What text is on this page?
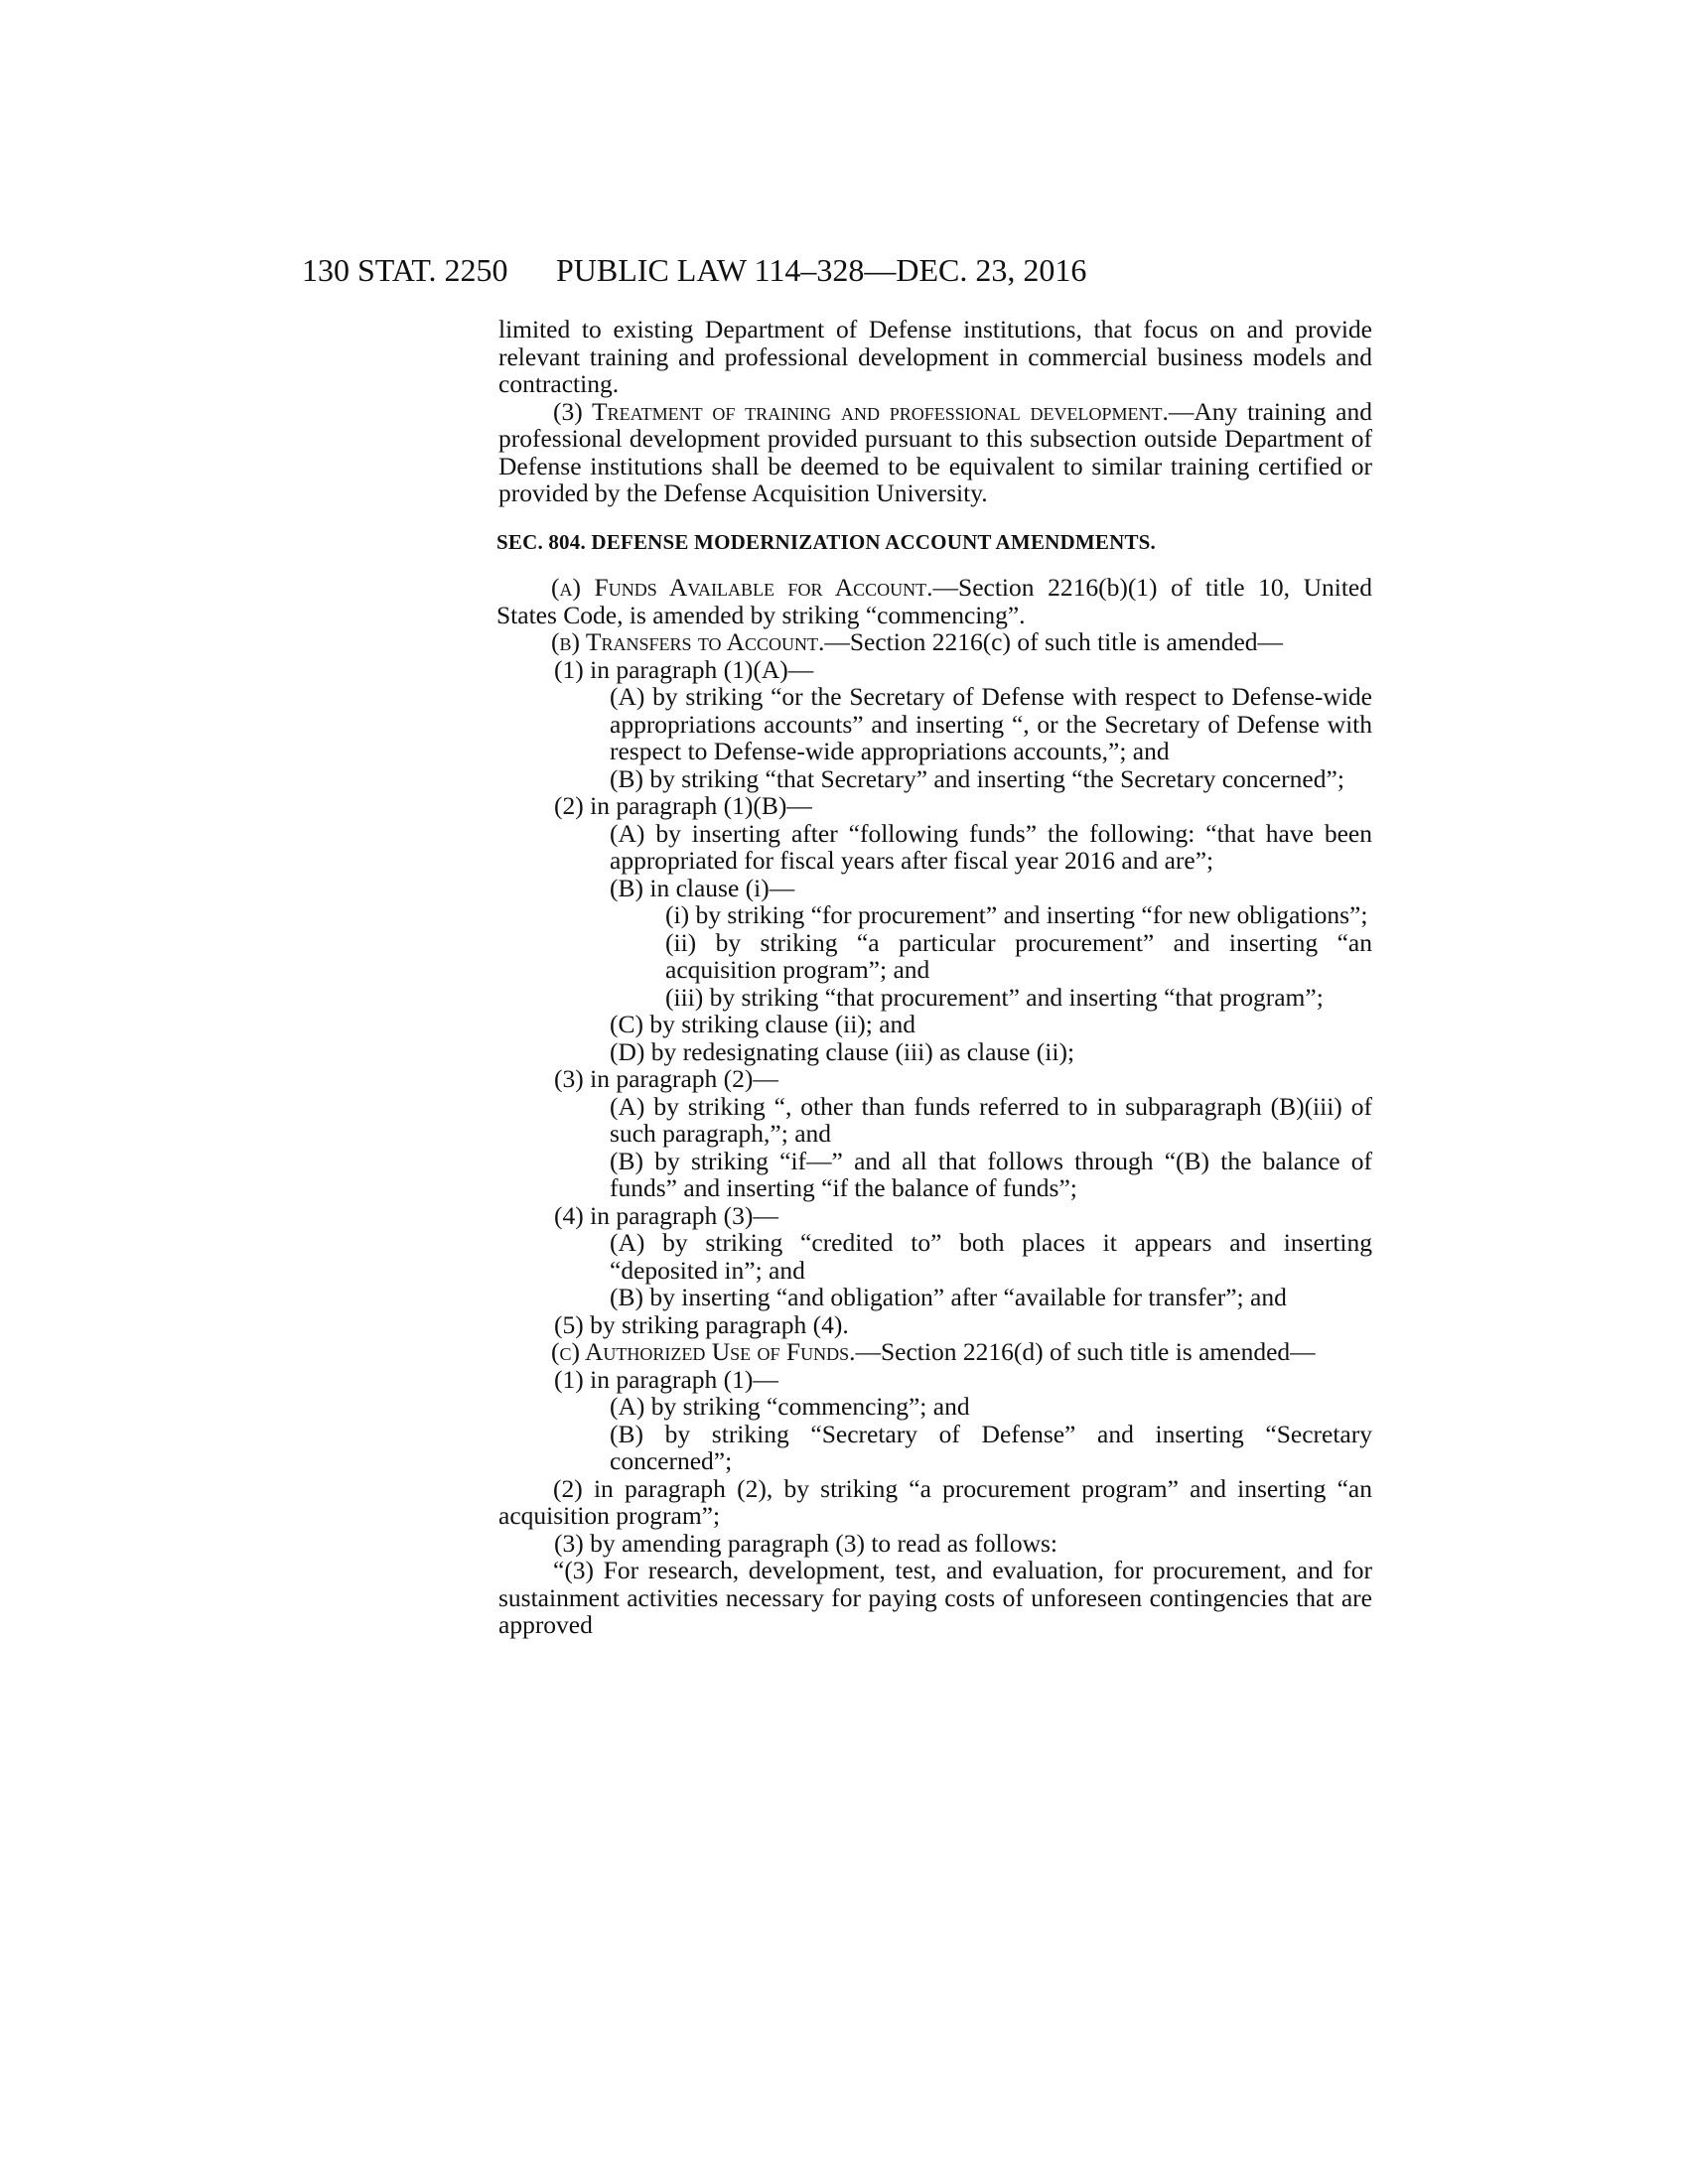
130 STAT. 2250 PUBLIC LAW 114–328—DEC. 23, 2016

limited to existing Department of Defense institutions, that focus on and provide relevant training and professional development in commercial business models and contracting.

(3) Treatment of training and professional development.—Any training and professional development provided pursuant to this subsection outside Department of Defense institutions shall be deemed to be equivalent to similar training certified or provided by the Defense Acquisition University.

SEC. 804. DEFENSE MODERNIZATION ACCOUNT AMENDMENTS.

(a) Funds Available for Account.—Section 2216(b)(1) of title 10, United States Code, is amended by striking “commencing”.

(b) Transfers to Account.—Section 2216(c) of such title is amended—

(1) in paragraph (1)(A)—

(A) by striking “or the Secretary of Defense with respect to Defense-wide appropriations accounts” and inserting “, or the Secretary of Defense with respect to Defense-wide appropriations accounts,”; and

(B) by striking “that Secretary” and inserting “the Secretary concerned”;

(2) in paragraph (1)(B)—

(A) by inserting after “following funds” the following: “that have been appropriated for fiscal years after fiscal year 2016 and are”;

(B) in clause (i)—

(i) by striking “for procurement” and inserting “for new obligations”;

(ii) by striking “a particular procurement” and inserting “an acquisition program”; and

(iii) by striking “that procurement” and inserting “that program”;

(C) by striking clause (ii); and

(D) by redesignating clause (iii) as clause (ii);

(3) in paragraph (2)—

(A) by striking “, other than funds referred to in subparagraph (B)(iii) of such paragraph,”; and

(B) by striking “if—” and all that follows through “(B) the balance of funds” and inserting “if the balance of funds”;

(4) in paragraph (3)—

(A) by striking “credited to” both places it appears and inserting “deposited in”; and

(B) by inserting “and obligation” after “available for transfer”; and

(5) by striking paragraph (4).

(c) Authorized Use of Funds.—Section 2216(d) of such title is amended—

(1) in paragraph (1)—

(A) by striking “commencing”; and

(B) by striking “Secretary of Defense” and inserting “Secretary concerned”;

(2) in paragraph (2), by striking “a procurement program” and inserting “an acquisition program”;

(3) by amending paragraph (3) to read as follows:

“(3) For research, development, test, and evaluation, for procurement, and for sustainment activities necessary for paying costs of unforeseen contingencies that are approved
